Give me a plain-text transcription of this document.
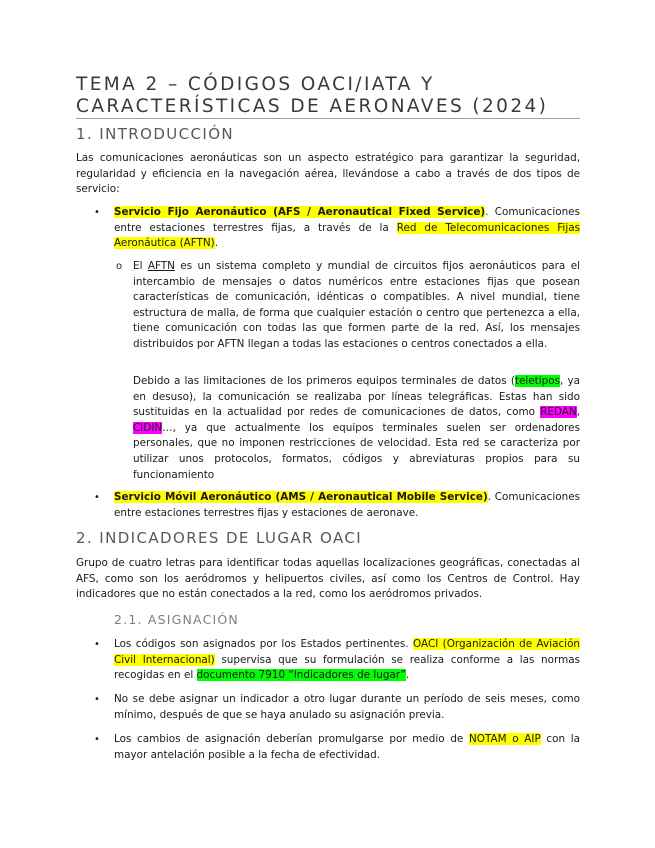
TEMA 2 – CÓDIGOS OACI/IATA Y CARACTERÍSTICAS DE AERONAVES (2024)
1. INTRODUCCIÓN

Las comunicaciones aeronáuticas son un aspecto estratégico para garantizar la seguridad, regularidad y eficiencia en la navegación aérea, llevándose a cabo a través de dos tipos de servicio:

• Servicio Fijo Aeronáutico (AFS / Aeronautical Fixed Service). Comunicaciones entre estaciones terrestres fijas, a través de la Red de Telecomunicaciones Fijas Aeronáutica (AFTN).

o El AFTN es un sistema completo y mundial de circuitos fijos aeronáuticos para el intercambio de mensajes o datos numéricos entre estaciones fijas que posean características de comunicación, idénticas o compatibles. A nivel mundial, tiene estructura de malla, de forma que cualquier estación o centro que pertenezca a ella, tiene comunicación con todas las que formen parte de la red. Así, los mensajes distribuidos por AFTN llegan a todas las estaciones o centros conectados a ella.

Debido a las limitaciones de los primeros equipos terminales de datos (teletipos, ya en desuso), la comunicación se realizaba por líneas telegráficas. Estas han sido sustituidas en la actualidad por redes de comunicaciones de datos, como REDAN, CIDIN…, ya que actualmente los equipos terminales suelen ser ordenadores personales, que no imponen restricciones de velocidad. Esta red se caracteriza por utilizar unos protocolos, formatos, códigos y abreviaturas propios para su funcionamiento

• Servicio Móvil Aeronáutico (AMS / Aeronautical Mobile Service). Comunicaciones entre estaciones terrestres fijas y estaciones de aeronave.

2. INDICADORES DE LUGAR OACI

Grupo de cuatro letras para identificar todas aquellas localizaciones geográficas, conectadas al AFS, como son los aeródromos y helipuertos civiles, así como los Centros de Control. Hay indicadores que no están conectados a la red, como los aeródromos privados.

2.1. ASIGNACIÓN
• Los códigos son asignados por los Estados pertinentes. OACI (Organización de Aviación Civil Internacional) supervisa que su formulación se realiza conforme a las normas recogidas en el documento 7910 “Indicadores de lugar”.

• No se debe asignar un indicador a otro lugar durante un período de seis meses, como mínimo, después de que se haya anulado su asignación previa.

• Los cambios de asignación deberían promulgarse por medio de NOTAM o AIP con la mayor antelación posible a la fecha de efectividad.
